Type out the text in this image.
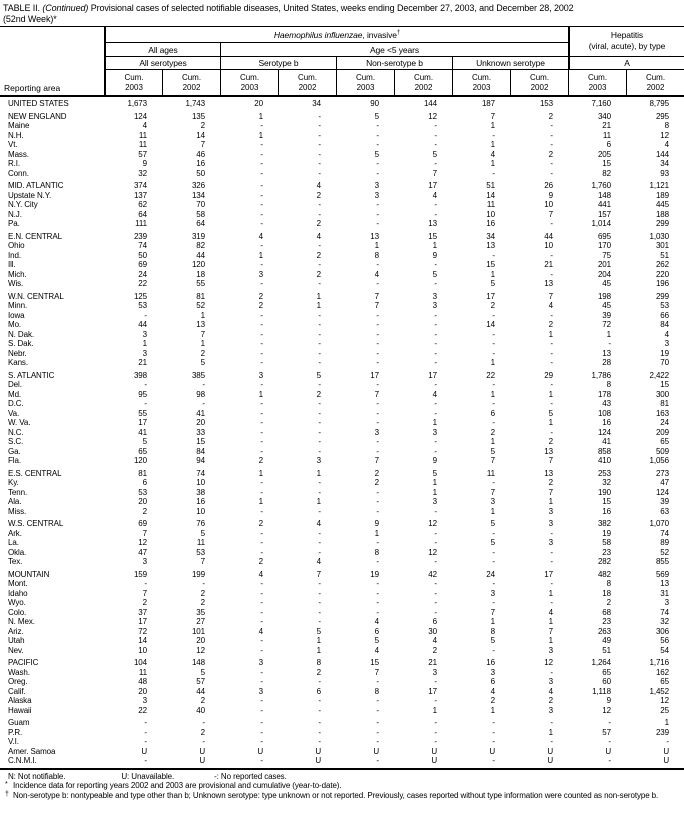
TABLE II. (Continued) Provisional cases of selected notifiable diseases, United States, weeks ending December 27, 2003, and December 28, 2002
(52nd Week)*
Reporting area
Haemophilus influenzae, invasive†	Hepatitis
(viral, acute), by type
All ages	Age <5 years
All serotypes	Serotype b	Non-serotype b	Unknown serotype	A
Cum.
2003
Cum.
2002
Cum.
2003
Cum.
2002
Cum.
2003
Cum.
2002
Cum.
2003
Cum.
2002
Cum.
2003
Cum.
2002
UNITED STATES	1,673	1,743	20	34	90	144	187	153	7,160	8,795
NEW ENGLAND	124	135	1	-	5	12	7	2	340	295
Maine	4	2	-	-	-	-	1	-	21	8
N.H.	11	14	1	-	-	-	-	-	11	12
Vt.	11	7	-	-	-	-	1	-	6	4
Mass.	57	46	-	-	5	5	4	2	205	144
R.I.	9	16	-	-	-	-	1	-	15	34
Conn.	32	50	-	-	-	7	-	-	82	93
MID. ATLANTIC	374	326	-	4	3	17	51	26	1,760	1,121
Upstate N.Y.	137	134	-	2	3	4	14	9	148	189
N.Y. City	62	70	-	-	-	-	11	10	441	445
N.J.	64	58	-	-	-	-	10	7	157	188
Pa.	111	64	-	2	-	13	16	-	1,014	299
E.N. CENTRAL	239	319	4	4	13	15	34	44	695	1,030
Ohio	74	82	-	-	1	1	13	10	170	301
Ind.	50	44	1	2	8	9	-	-	75	51
Ill.	69	120	-	-	-	-	15	21	201	262
Mich.	24	18	3	2	4	5	1	-	204	220
Wis.	22	55	-	-	-	-	5	13	45	196
W.N. CENTRAL	125	81	2	1	7	3	17	7	198	299
Minn.	53	52	2	1	7	3	2	4	45	53
Iowa	-	1	-	-	-	-	-	-	39	66
Mo.	44	13	-	-	-	-	14	2	72	84
N. Dak.	3	7	-	-	-	-	-	1	1	4
S. Dak.	1	1	-	-	-	-	-	-	-	3
Nebr.	3	2	-	-	-	-	-	-	13	19
Kans.	21	5	-	-	-	-	1	-	28	70
S. ATLANTIC	398	385	3	5	17	17	22	29	1,786	2,422
Del.	-	-	-	-	-	-	-	-	8	15
Md.	95	98	1	2	7	4	1	1	178	300
D.C.	-	-	-	-	-	-	-	-	43	81
Va.	55	41	-	-	-	-	6	5	108	163
W. Va.	17	20	-	-	-	1	-	1	16	24
N.C.	41	33	-	-	3	3	2	-	124	209
S.C.	5	15	-	-	-	-	1	2	41	65
Ga.	65	84	-	-	-	-	5	13	858	509
Fla.	120	94	2	3	7	9	7	7	410	1,056
E.S. CENTRAL	81	74	1	1	2	5	11	13	253	273
Ky.	6	10	-	-	2	1	-	2	32	47
Tenn.	53	38	-	-	-	1	7	7	190	124
Ala.	20	16	1	1	-	3	3	1	15	39
Miss.	2	10	-	-	-	-	1	3	16	63
W.S. CENTRAL	69	76	2	4	9	12	5	3	382	1,070
Ark.	7	5	-	-	1	-	-	-	19	74
La.	12	11	-	-	-	-	5	3	58	89
Okla.	47	53	-	-	8	12	-	-	23	52
Tex.	3	7	2	4	-	-	-	-	282	855
MOUNTAIN	159	199	4	7	19	42	24	17	482	569
Mont.	-	-	-	-	-	-	-	-	8	13
Idaho	7	2	-	-	-	-	3	1	18	31
Wyo.	2	2	-	-	-	-	-	-	2	3
Colo.	37	35	-	-	-	-	7	4	68	74
N. Mex.	17	27	-	-	4	6	1	1	23	32
Ariz.	72	101	4	5	6	30	8	7	263	306
Utah	14	20	-	1	5	4	5	1	49	56
Nev.	10	12	-	1	4	2	-	3	51	54
PACIFIC	104	148	3	8	15	21	16	12	1,264	1,716
Wash.	11	5	-	2	7	3	3	-	65	162
Oreg.	48	57	-	-	-	-	6	3	60	65
Calif.	20	44	3	6	8	17	4	4	1,118	1,452
Alaska	3	2	-	-	-	-	2	2	9	12
Hawaii	22	40	-	-	-	1	1	3	12	25
Guam	-	-	-	-	-	-	-	-	-	1
P.R.	-	2	-	-	-	-	-	1	57	239
V.I.	-	-	-	-	-	-	-	-	-	-
Amer. Samoa	U	U	U	U	U	U	U	U	U	U
C.N.M.I.	-	U	-	U	-	U	-	U	-	U
N: Not notifiable.	U: Unavailable.	-: No reported cases.
* Incidence data for reporting years 2002 and 2003 are provisional and cumulative (year-to-date).
† Non-serotype b: nontypeable and type other than b; Unknown serotype: type unknown or not reported. Previously, cases reported without type information were counted as non-serotype b.
